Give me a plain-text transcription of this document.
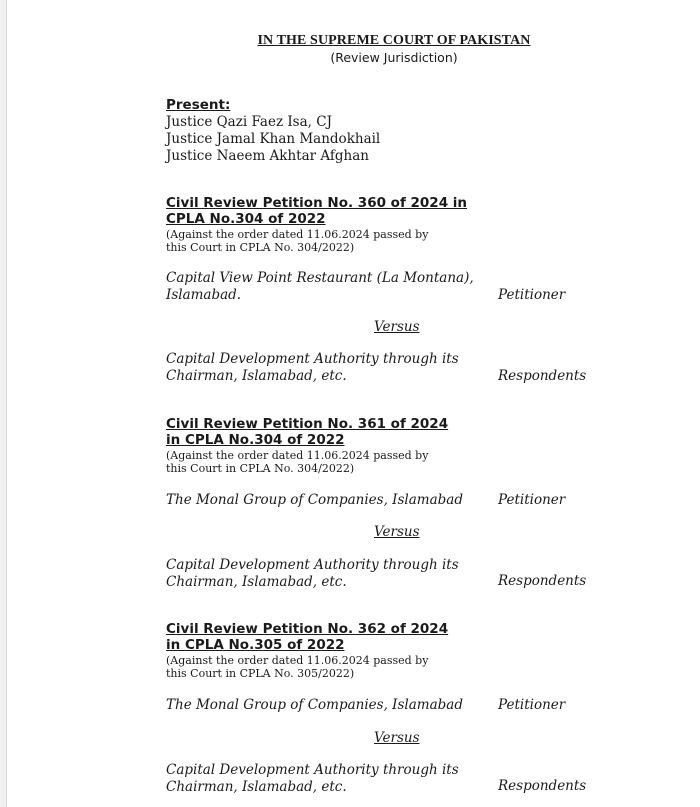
IN THE SUPREME COURT OF PAKISTAN
(Review Jurisdiction)
Present:
Justice Qazi Faez Isa, CJ
Justice Jamal Khan Mandokhail
Justice Naeem Akhtar Afghan
Civil Review Petition No. 360 of 2024 in
CPLA No.304 of 2022
(Against the order dated 11.06.2024 passed by
this Court in CPLA No. 304/2022)
Capital View Point Restaurant (La Montana),
Islamabad.	Petitioner
Versus
Capital Development Authority through its
Chairman, Islamabad, etc.	Respondents
Civil Review Petition No. 361 of 2024
in CPLA No.304 of 2022
(Against the order dated 11.06.2024 passed by
this Court in CPLA No. 304/2022)
The Monal Group of Companies, Islamabad	Petitioner
Versus
Capital Development Authority through its
Chairman, Islamabad, etc.	Respondents
Civil Review Petition No. 362 of 2024
in CPLA No.305 of 2022
(Against the order dated 11.06.2024 passed by
this Court in CPLA No. 305/2022)
The Monal Group of Companies, Islamabad	Petitioner
Versus
Capital Development Authority through its
Chairman, Islamabad, etc.	Respondents
